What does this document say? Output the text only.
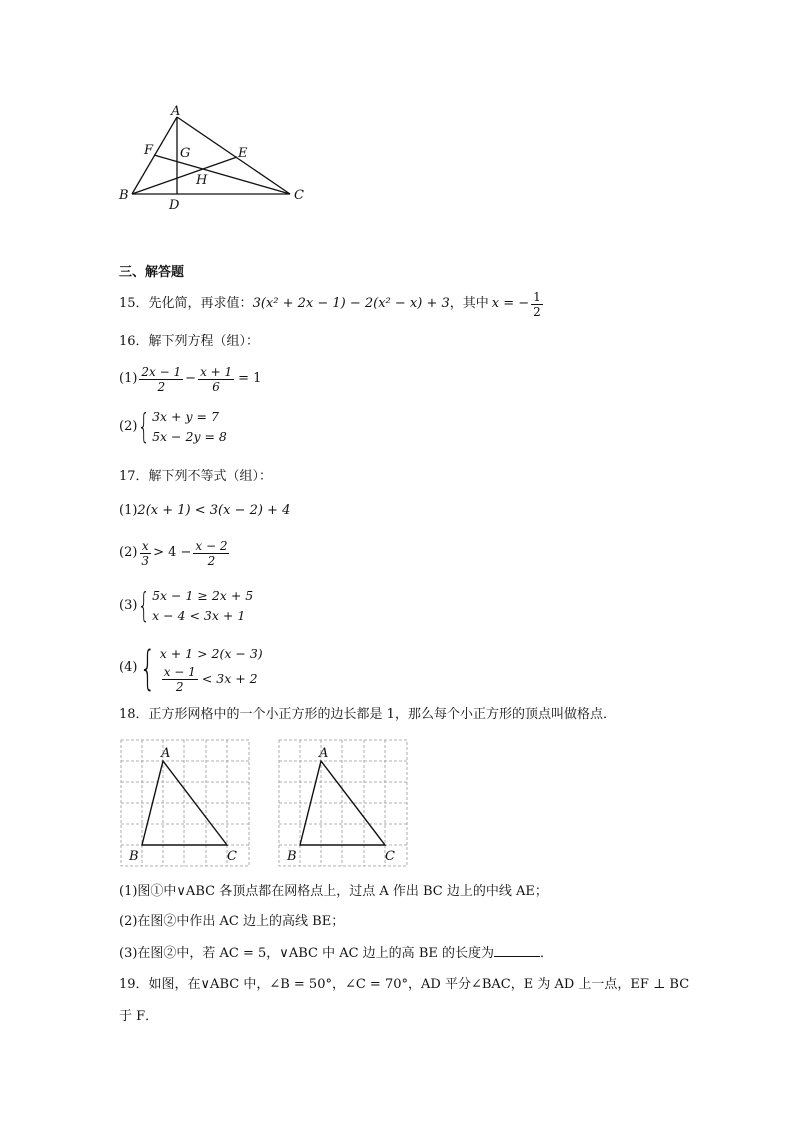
A
F G	E
H
B
D
C
三、解答题
15． 先化简，再求值： 3(x² + 2x − 1) − 2(x² − x) + 3 ，其中 x = − $\frac{1}{2}$
16．解下列方程（组）：
$(1) \frac{2x - 1}{2} - \frac{x + 1}{6} = 1$
(2) { 3x + y = 7
5x − 2y = 8
17．解下列不等式（组）：
(1) 2(x + 1) < 3(x − 2) + 4
$(2) \frac{x}{3} > 4 - \frac{x - 2}{2}$
(3) { 5x − 1 ≥ 2x + 5
x − 4 < 3x + 1
(4) { x + 1 > 2(x − 3)
$\frac{x - 1}{2} < 3x + 2$
18．正方形网格中的一个小正方形的边长都是 1，那么每个小正方形的顶点叫做格点．
A
B	C
A
B	C
(1)图①中∨ABC 各顶点都在网格点上，过点 A 作出 BC 边上的中线 AE；
(2)在图②中作出 AC 边上的高线 BE；
(3)在图②中，若 AC = 5，∨ABC 中 AC 边上的高 BE 的长度为	．
19．如图，在∨ABC 中，∠B = 50°，∠C = 70°，AD 平分∠BAC，E 为 AD 上一点，EF ⊥ BC
于 F．
